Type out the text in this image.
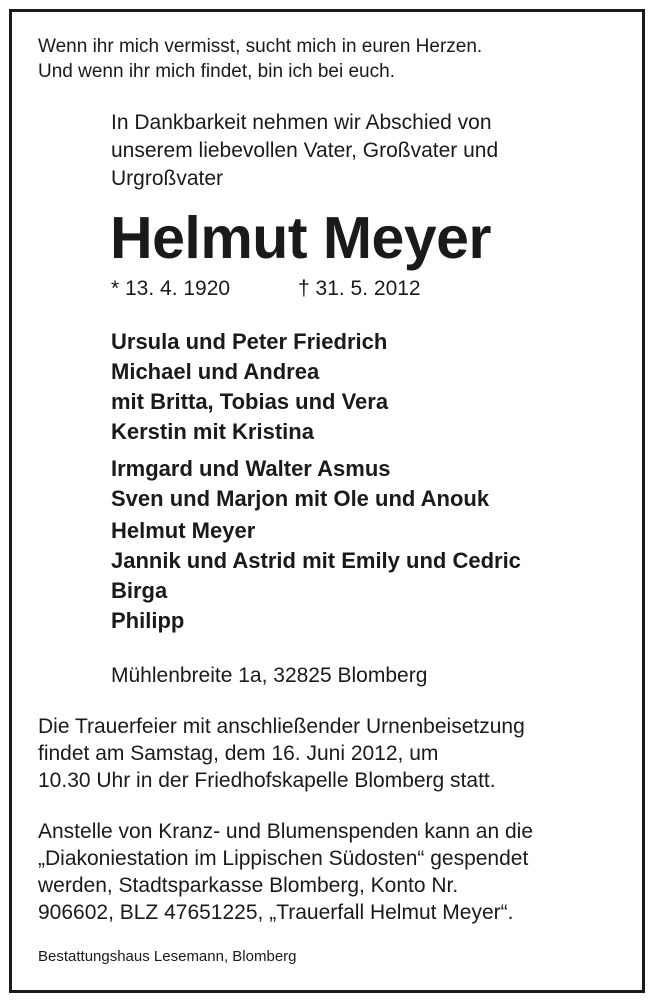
Wenn ihr mich vermisst, sucht mich in euren Herzen.
Und wenn ihr mich findet, bin ich bei euch.

In Dankbarkeit nehmen wir Abschied von
unserem liebevollen Vater, Großvater und
Urgroßvater

Helmut Meyer
* 13. 4. 1920	† 31. 5. 2012
Ursula und Peter Friedrich
Michael und Andrea
mit Britta, Tobias und Vera
Kerstin mit Kristina
Irmgard und Walter Asmus
Sven und Marjon mit Ole und Anouk
Helmut Meyer
Jannik und Astrid mit Emily und Cedric
Birga
Philipp
Mühlenbreite 1a, 32825 Blomberg

Die Trauerfeier mit anschließender Urnenbeisetzung
findet am Samstag, dem 16. Juni 2012, um
10.30 Uhr in der Friedhofskapelle Blomberg statt.

Anstelle von Kranz- und Blumenspenden kann an die
„Diakoniestation im Lippischen Südosten“ gespendet
werden, Stadtsparkasse Blomberg, Konto Nr.
906602, BLZ 47651225, „Trauerfall Helmut Meyer“.

Bestattungshaus Lesemann, Blomberg
